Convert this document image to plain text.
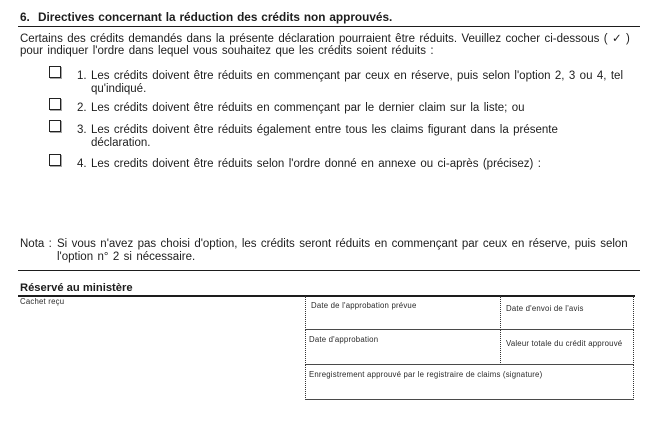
6. Directives concernant la réduction des crédits non approuvés.
Certains des crédits demandés dans la présente déclaration pourraient être réduits. Veuillez cocher ci-dessous ( ✓ )
pour indiquer l'ordre dans lequel vous souhaitez que les crédits soient réduits :
1. Les crédits doivent être réduits en commençant par ceux en réserve, puis selon l'option 2, 3 ou 4, tel
qu'indiqué.
2. Les crédits doivent être réduits en commençant par le dernier claim sur la liste; ou
3. Les crédits doivent être réduits également entre tous les claims figurant dans la présente
déclaration.
4. Les credits doivent être réduits selon l'ordre donné en annexe ou ci-après (précisez) :
Nota : Si vous n'avez pas choisi d'option, les crédits seront réduits en commençant par ceux en réserve, puis selon
l'option n° 2 si nécessaire.
Réservé au ministère
Cachet reçu	Date de l'approbation prévue	Date d'envoi de l'avis
Date d'approbation	Valeur totale du crédit approuvé
Enregistrement approuvé par le registraire de claims (signature)
